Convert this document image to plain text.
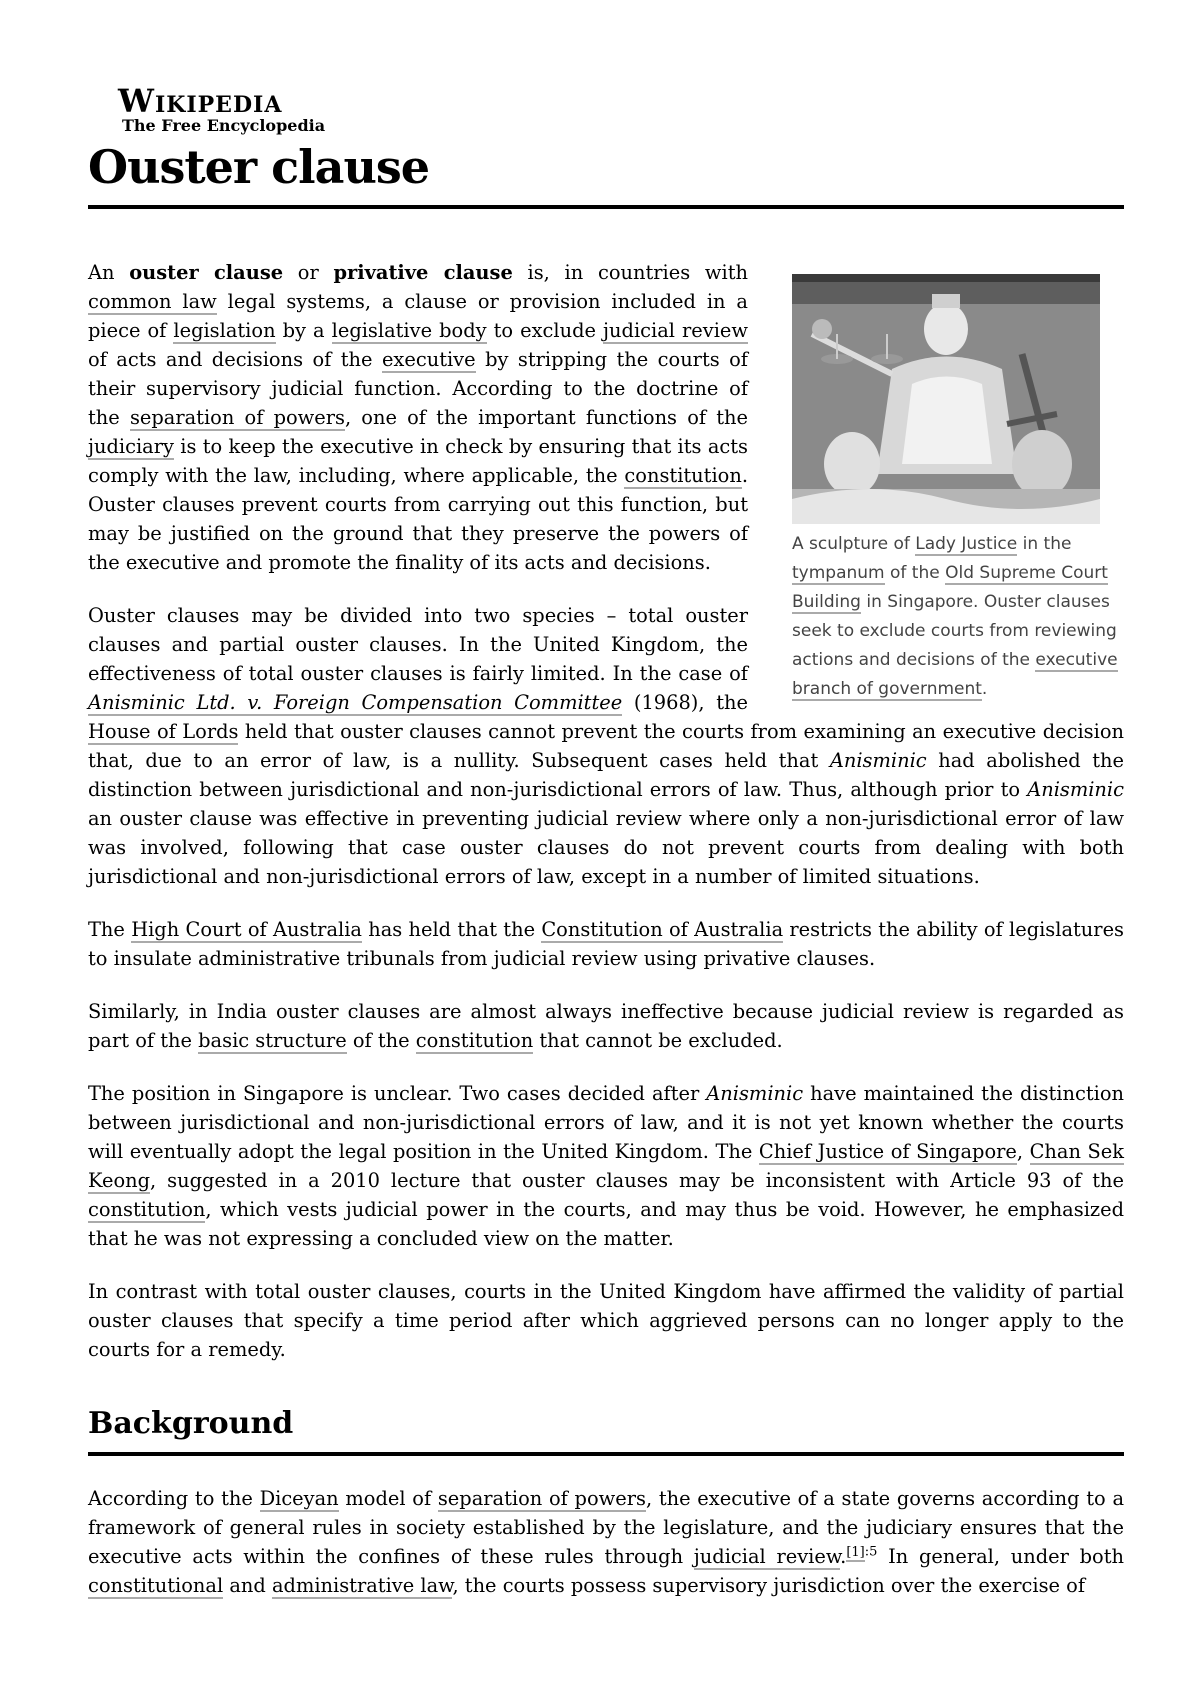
Wikipedia
The Free Encyclopedia
Ouster clause
A sculpture of Lady Justice in the tympanum of the Old Supreme Court Building in Singapore. Ouster clauses seek to exclude courts from reviewing actions and decisions of the executive branch of government.

An ouster clause or privative clause is, in countries with common law legal systems, a clause or provision included in a piece of legislation by a legislative body to exclude judicial review of acts and decisions of the executive by stripping the courts of their supervisory judicial function. According to the doctrine of the separation of powers, one of the important functions of the judiciary is to keep the executive in check by ensuring that its acts comply with the law, including, where applicable, the constitution. Ouster clauses prevent courts from carrying out this function, but may be justified on the ground that they preserve the powers of the executive and promote the finality of its acts and decisions.

Ouster clauses may be divided into two species – total ouster clauses and partial ouster clauses. In the United Kingdom, the effectiveness of total ouster clauses is fairly limited. In the case of Anisminic Ltd. v. Foreign Compensation Committee (1968), the House of Lords held that ouster clauses cannot prevent the courts from examining an executive decision that, due to an error of law, is a nullity. Subsequent cases held that Anisminic had abolished the distinction between jurisdictional and non-jurisdictional errors of law. Thus, although prior to Anisminic an ouster clause was effective in preventing judicial review where only a non-jurisdictional error of law was involved, following that case ouster clauses do not prevent courts from dealing with both jurisdictional and non-jurisdictional errors of law, except in a number of limited situations.

The High Court of Australia has held that the Constitution of Australia restricts the ability of legislatures to insulate administrative tribunals from judicial review using privative clauses.

Similarly, in India ouster clauses are almost always ineffective because judicial review is regarded as part of the basic structure of the constitution that cannot be excluded.

The position in Singapore is unclear. Two cases decided after Anisminic have maintained the distinction between jurisdictional and non-jurisdictional errors of law, and it is not yet known whether the courts will eventually adopt the legal position in the United Kingdom. The Chief Justice of Singapore, Chan Sek Keong, suggested in a 2010 lecture that ouster clauses may be inconsistent with Article 93 of the constitution, which vests judicial power in the courts, and may thus be void. However, he emphasized that he was not expressing a concluded view on the matter.

In contrast with total ouster clauses, courts in the United Kingdom have affirmed the validity of partial ouster clauses that specify a time period after which aggrieved persons can no longer apply to the courts for a remedy.

Background

According to the Diceyan model of separation of powers, the executive of a state governs according to a framework of general rules in society established by the legislature, and the judiciary ensures that the executive acts within the confines of these rules through judicial review.$^{[1]:5}$ In general, under both constitutional and administrative law, the courts possess supervisory jurisdiction over the exercise of
